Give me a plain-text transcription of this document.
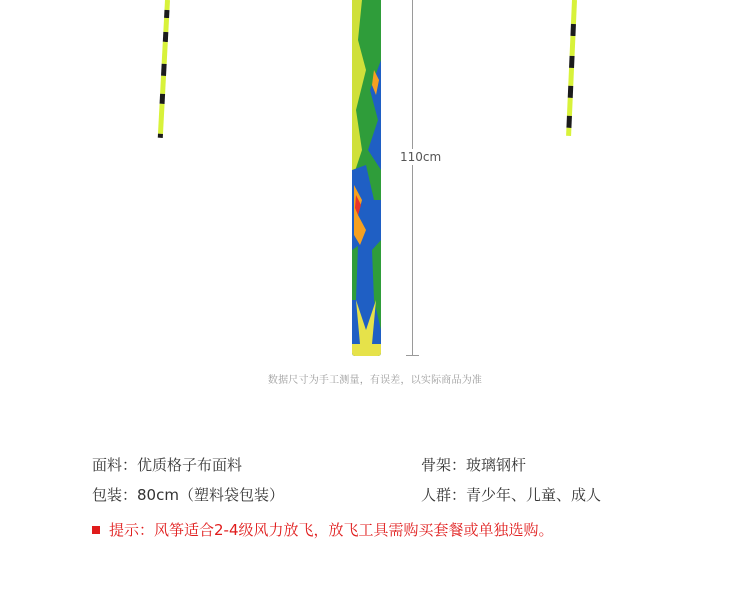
110cm
数据尺寸为手工测量，有误差，以实际商品为准
面料：优质格子布面料	骨架：玻璃钢杆
包装：80cm（塑料袋包装）	人群：青少年、儿童、成人
提示：风筝适合2-4级风力放飞，放飞工具需购买套餐或单独选购。
